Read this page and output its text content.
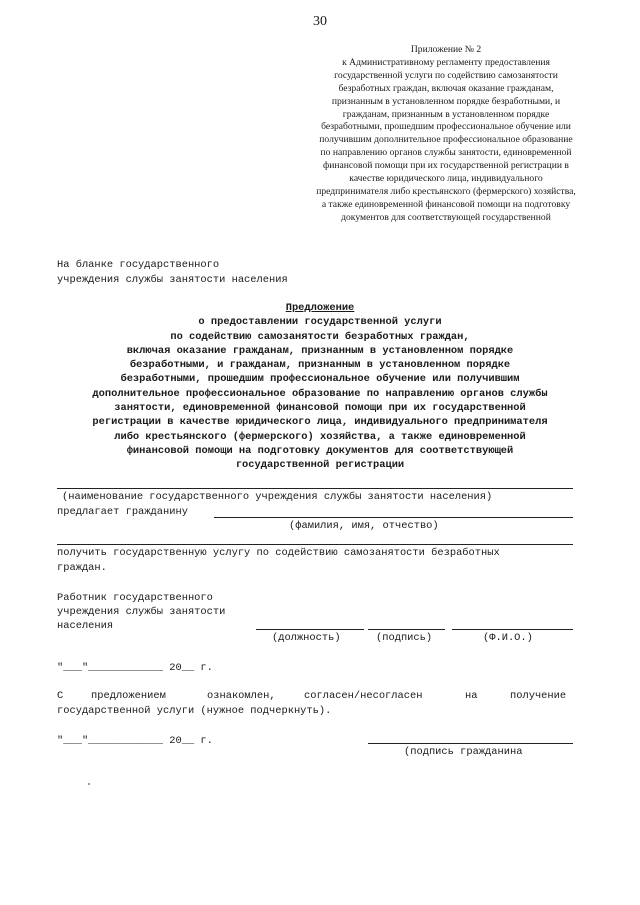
30
Приложение № 2
к Административному регламенту предоставления
государственной услуги по содействию самозанятости
безработных граждан, включая оказание гражданам,
признанным в установленном порядке безработными, и
гражданам, признанным в установленном порядке
безработными, прошедшим профессиональное обучение или
получившим дополнительное профессиональное образование
по направлению органов службы занятости, единовременной
финансовой помощи при их государственной регистрации в
качестве юридического лица, индивидуального
предпринимателя либо крестьянского (фермерского) хозяйства,
а также единовременной финансовой помощи на подготовку
документов для соответствующей государственной
На бланке государственного
учреждения службы занятости населения
Предложение
о предоставлении государственной услуги
по содействию самозанятости безработных граждан,
включая оказание гражданам, признанным в установленном порядке
безработными, и гражданам, признанным в установленном порядке
безработными, прошедшим профессиональное обучение или получившим
дополнительное профессиональное образование по направлению органов службы
занятости, единовременной финансовой помощи при их государственной
регистрации в качестве юридического лица, индивидуального предпринимателя
либо крестьянского (фермерского) хозяйства, а также единовременной
финансовой помощи на подготовку документов для соответствующей
государственной регистрации
(наименование государственного учреждения службы занятости населения)
предлагает гражданину
(фамилия, имя, отчество)
получить государственную услугу по содействию самозанятости безработных
граждан.
Работник государственного
учреждения службы занятости
населения
(должность)	(подпись)	(Ф.И.О.)
"___"____________ 20__ г.
С	предложением	ознакомлен,	согласен/несогласен	на	получение
государственной услуги (нужное подчеркнуть).
"___"____________ 20__ г.
(подпись гражданина
